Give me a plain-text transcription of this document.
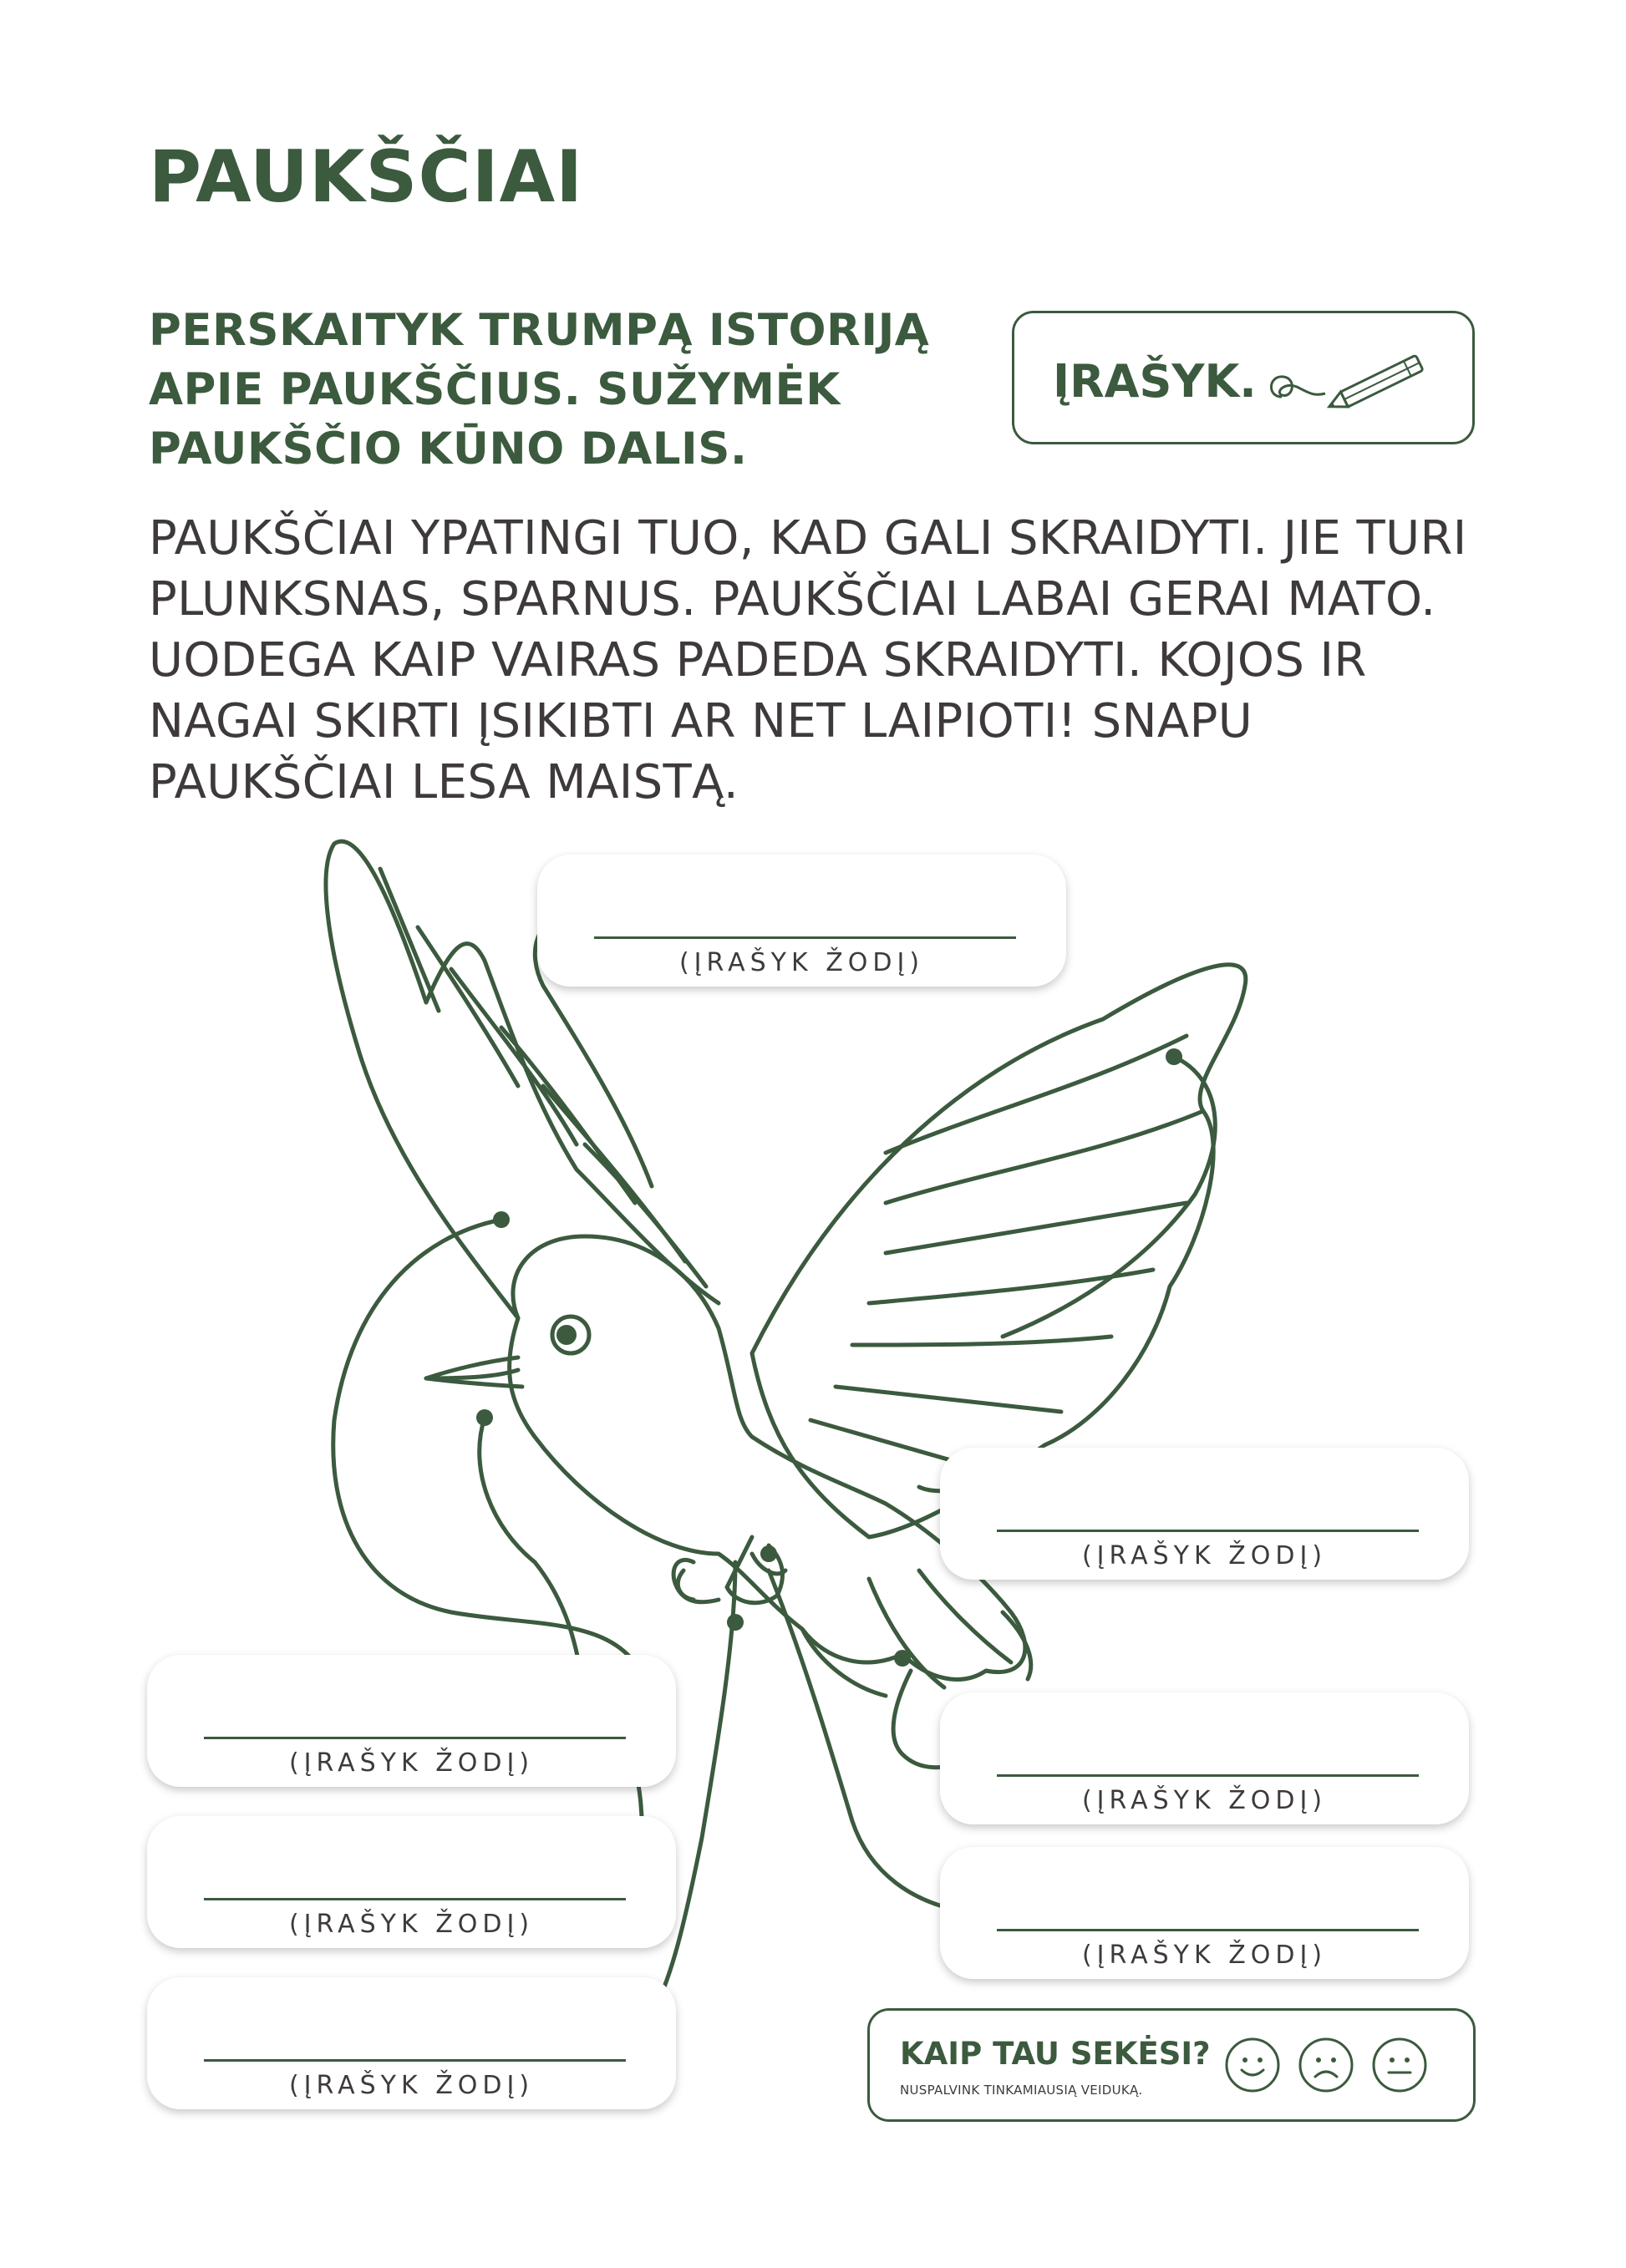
PAUKŠČIAI

PERSKAITYK TRUMPĄ ISTORIJĄ APIE PAUKŠČIUS. SUŽYMĖK PAUKŠČIO KŪNO DALIS.

ĮRAŠYK.

PAUKŠČIAI YPATINGI TUO, KAD GALI SKRAIDYTI. JIE TURI PLUNKSNAS, SPARNUS. PAUKŠČIAI LABAI GERAI MATO. UODEGA KAIP VAIRAS PADEDA SKRAIDYTI. KOJOS IR NAGAI SKIRTI ĮSIKIBTI AR NET LAIPIOTI! SNAPU PAUKŠČIAI LESA MAISTĄ.

(ĮRAŠYK ŽODĮ)
(ĮRAŠYK ŽODĮ)
(ĮRAŠYK ŽODĮ)
(ĮRAŠYK ŽODĮ)
(ĮRAŠYK ŽODĮ)
(ĮRAŠYK ŽODĮ)
(ĮRAŠYK ŽODĮ)
KAIP TAU SEKĖSI?
NUSPALVINK TINKAMIAUSIĄ VEIDUKĄ.
